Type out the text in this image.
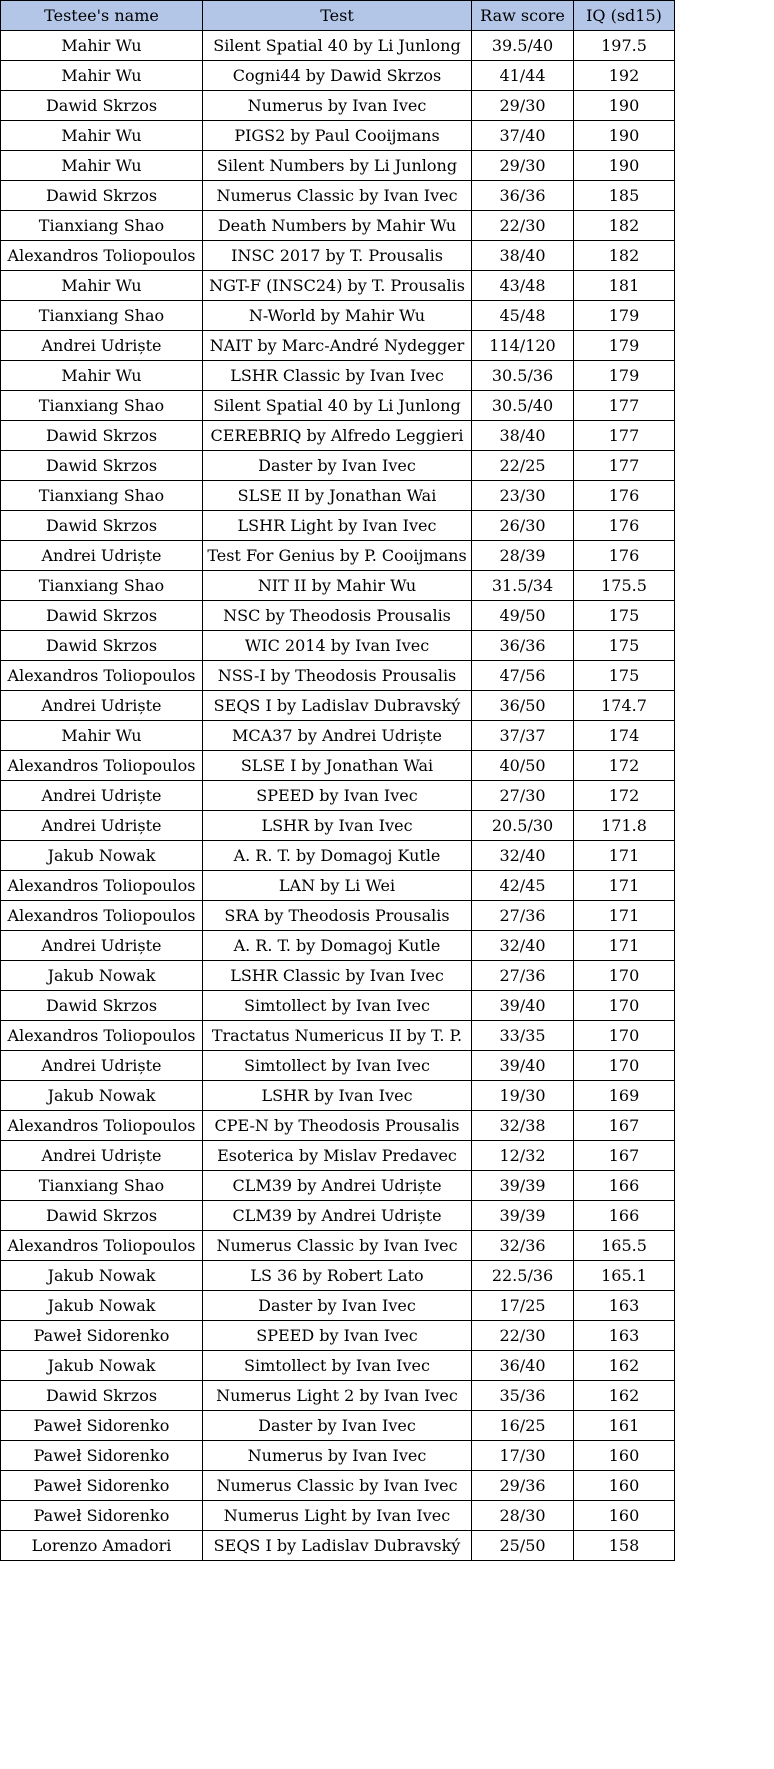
Testee's name	Test	Raw score	IQ (sd15)
Mahir Wu	Silent Spatial 40 by Li Junlong	39.5/40	197.5
Mahir Wu	Cogni44 by Dawid Skrzos	41/44	192
Dawid Skrzos	Numerus by Ivan Ivec	29/30	190
Mahir Wu	PIGS2 by Paul Cooijmans	37/40	190
Mahir Wu	Silent Numbers by Li Junlong	29/30	190
Dawid Skrzos	Numerus Classic by Ivan Ivec	36/36	185
Tianxiang Shao	Death Numbers by Mahir Wu	22/30	182
Alexandros Toliopoulos	INSC 2017 by T. Prousalis	38/40	182
Mahir Wu	NGT-F (INSC24) by T. Prousalis	43/48	181
Tianxiang Shao	N-World by Mahir Wu	45/48	179
Andrei Udriște	NAIT by Marc-André Nydegger	114/120	179
Mahir Wu	LSHR Classic by Ivan Ivec	30.5/36	179
Tianxiang Shao	Silent Spatial 40 by Li Junlong	30.5/40	177
Dawid Skrzos	CEREBRIQ by Alfredo Leggieri	38/40	177
Dawid Skrzos	Daster by Ivan Ivec	22/25	177
Tianxiang Shao	SLSE II by Jonathan Wai	23/30	176
Dawid Skrzos	LSHR Light by Ivan Ivec	26/30	176
Andrei Udriște	Test For Genius by P. Cooijmans	28/39	176
Tianxiang Shao	NIT II by Mahir Wu	31.5/34	175.5
Dawid Skrzos	NSC by Theodosis Prousalis	49/50	175
Dawid Skrzos	WIC 2014 by Ivan Ivec	36/36	175
Alexandros Toliopoulos	NSS-I by Theodosis Prousalis	47/56	175
Andrei Udriște	SEQS I by Ladislav Dubravský	36/50	174.7
Mahir Wu	MCA37 by Andrei Udriște	37/37	174
Alexandros Toliopoulos	SLSE I by Jonathan Wai	40/50	172
Andrei Udriște	SPEED by Ivan Ivec	27/30	172
Andrei Udriște	LSHR by Ivan Ivec	20.5/30	171.8
Jakub Nowak	A. R. T. by Domagoj Kutle	32/40	171
Alexandros Toliopoulos	LAN by Li Wei	42/45	171
Alexandros Toliopoulos	SRA by Theodosis Prousalis	27/36	171
Andrei Udriște	A. R. T. by Domagoj Kutle	32/40	171
Jakub Nowak	LSHR Classic by Ivan Ivec	27/36	170
Dawid Skrzos	Simtollect by Ivan Ivec	39/40	170
Alexandros Toliopoulos	Tractatus Numericus II by T. P.	33/35	170
Andrei Udriște	Simtollect by Ivan Ivec	39/40	170
Jakub Nowak	LSHR by Ivan Ivec	19/30	169
Alexandros Toliopoulos	CPE-N by Theodosis Prousalis	32/38	167
Andrei Udriște	Esoterica by Mislav Predavec	12/32	167
Tianxiang Shao	CLM39 by Andrei Udriște	39/39	166
Dawid Skrzos	CLM39 by Andrei Udriște	39/39	166
Alexandros Toliopoulos	Numerus Classic by Ivan Ivec	32/36	165.5
Jakub Nowak	LS 36 by Robert Lato	22.5/36	165.1
Jakub Nowak	Daster by Ivan Ivec	17/25	163
Paweł Sidorenko	SPEED by Ivan Ivec	22/30	163
Jakub Nowak	Simtollect by Ivan Ivec	36/40	162
Dawid Skrzos	Numerus Light 2 by Ivan Ivec	35/36	162
Paweł Sidorenko	Daster by Ivan Ivec	16/25	161
Paweł Sidorenko	Numerus by Ivan Ivec	17/30	160
Paweł Sidorenko	Numerus Classic by Ivan Ivec	29/36	160
Paweł Sidorenko	Numerus Light by Ivan Ivec	28/30	160
Lorenzo Amadori	SEQS I by Ladislav Dubravský	25/50	158
